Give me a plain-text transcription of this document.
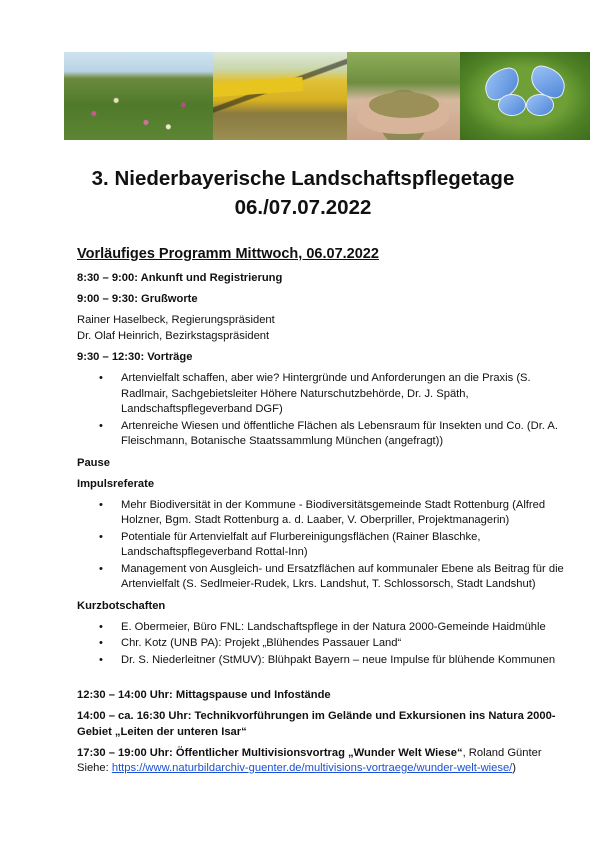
3. Niederbayerische Landschaftspflegetage
06./07.07.2022

Vorläufiges Programm Mittwoch, 06.07.2022

8:30 – 9:00: Ankunft und Registrierung
9:00 – 9:30: Grußworte
Rainer Haselbeck, Regierungspräsident
Dr. Olaf Heinrich, Bezirkstagspräsident
9:30 – 12:30: Vorträge
• Artenvielfalt schaffen, aber wie? Hintergründe und Anforderungen an die Praxis (S. Radlmair, Sachgebietsleiter Höhere Naturschutzbehörde, Dr. J. Späth, Landschaftspflegeverband DGF)
• Artenreiche Wiesen und öffentliche Flächen als Lebensraum für Insekten und Co. (Dr. A. Fleischmann, Botanische Staatssammlung München (angefragt))
Pause
Impulsreferate
• Mehr Biodiversität in der Kommune - Biodiversitätsgemeinde Stadt Rottenburg (Alfred Holzner, Bgm. Stadt Rottenburg a. d. Laaber, V. Oberpriller, Projektmanagerin)
• Potentiale für Artenvielfalt auf Flurbereinigungsflächen (Rainer Blaschke, Landschaftspflegeverband Rottal-Inn)
• Management von Ausgleich- und Ersatzflächen auf kommunaler Ebene als Beitrag für die Artenvielfalt (S. Sedlmeier-Rudek, Lkrs. Landshut, T. Schlossorsch, Stadt Landshut)
Kurzbotschaften
• E. Obermeier, Büro FNL: Landschaftspflege in der Natura 2000-Gemeinde Haidmühle
• Chr. Kotz (UNB PA): Projekt „Blühendes Passauer Land“
• Dr. S. Niederleitner (StMUV): Blühpakt Bayern – neue Impulse für blühende Kommunen
12:30 – 14:00 Uhr: Mittagspause und Infostände
14:00 – ca. 16:30 Uhr: Technikvorführungen im Gelände und Exkursionen ins Natura 2000-Gebiet „Leiten der unteren Isar“
17:30 – 19:00 Uhr: Öffentlicher Multivisionsvortrag „Wunder Welt Wiese“, Roland Günter
Siehe: https://www.naturbildarchiv-guenter.de/multivisions-vortraege/wunder-welt-wiese/)
